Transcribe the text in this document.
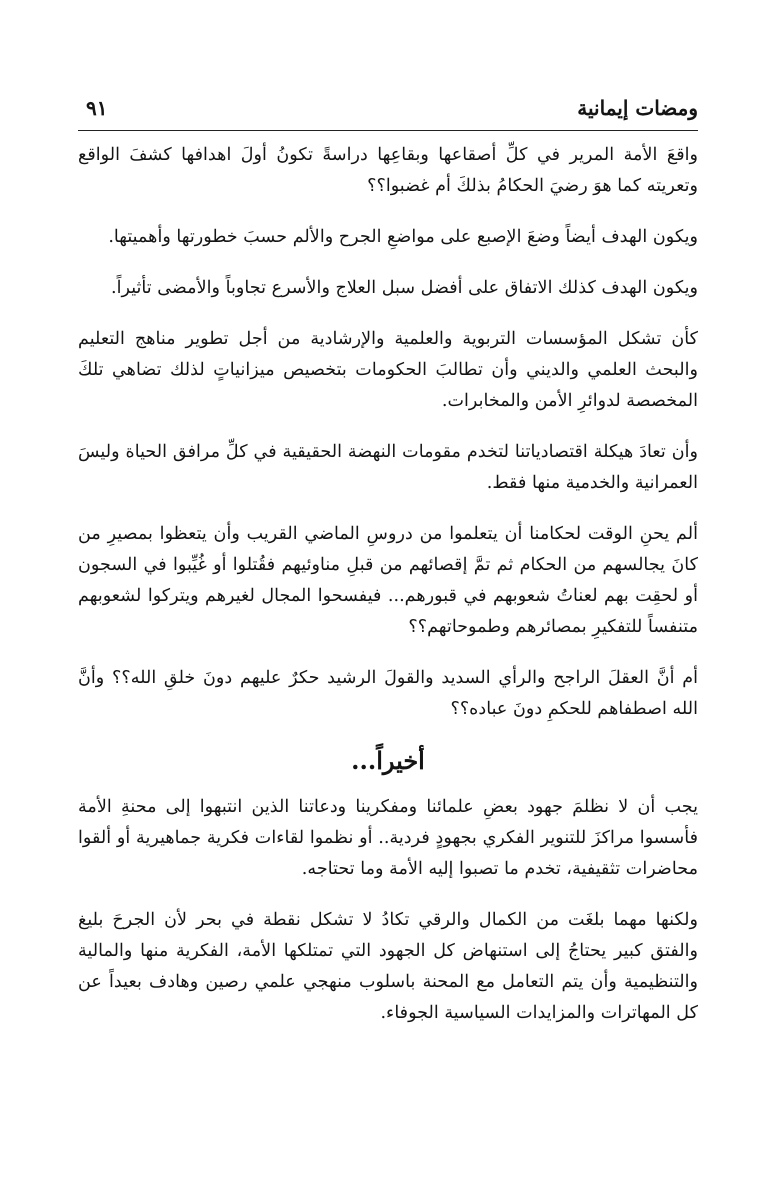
ومضات إيمانية
٩١

واقعَ الأمة المرير في كلِّ أصقاعها وبقاعِها دراسةً تكونُ أولَ اهدافها كشفَ الواقع وتعريته كما هوَ رضيَ الحكامُ بذلكَ أم غضبوا؟؟

ويكون الهدف أيضاً وضعَ الإصبع على مواضعِ الجرح والألم حسبَ خطورتها وأهميتها.

ويكون الهدف كذلك الاتفاق على أفضل سبل العلاج والأسرع تجاوباً والأمضى تأثيراً.

كأن تشكل المؤسسات التربوية والعلمية والإرشادية من أجل تطوير مناهج التعليم والبحث العلمي والديني وأن تطالبَ الحكومات بتخصيص ميزانياتٍ لذلك تضاهي تلكَ المخصصة لدوائرِ الأمن والمخابرات.

وأن تعادَ هيكلة اقتصادياتنا لتخدم مقومات النهضة الحقيقية في كلِّ مرافق الحياة وليسَ العمرانية والخدمية منها فقط.

ألم يحنِ الوقت لحكامنا أن يتعلموا من دروسِ الماضي القريب وأن يتعظوا بمصيرِ من كانَ يجالسهم من الحكام ثم تمَّ إقصائهم من قبلِ مناوئيهم فقُتلوا أو غُيِّبوا في السجون أو لحقِت بهم لعناتُ شعوبهم في قبورهم... فيفسحوا المجال لغيرهم ويتركوا لشعوبهم متنفساً للتفكيرِ بمصائرهم وطموحاتهم؟؟

أم أنَّ العقلَ الراجح والرأي السديد والقولَ الرشيد حكرٌ عليهم دونَ خلقِ الله؟؟ وأنَّ الله اصطفاهم للحكمِ دونَ عباده؟؟

أخيراً...

يجب أن لا نظلمَ جهود بعضِ علمائنا ومفكرينا ودعاتنا الذين انتبهوا إلى محنةِ الأمة فأسسوا مراكزَ للتنوير الفكري بجهودٍ فردية.. أو نظموا لقاءات فكرية جماهيرية أو ألقوا محاضرات تثقيفية، تخدم ما تصبوا إليه الأمة وما تحتاجه.

ولكنها مهما بلغَت من الكمال والرقي تكادُ لا تشكل نقطة في بحر لأن الجرحَ بليغ والفتق كبير يحتاجُ إلى استنهاض كل الجهود التي تمتلكها الأمة، الفكرية منها والمالية والتنظيمية وأن يتم التعامل مع المحنة باسلوب منهجي علمي رصين وهادف بعيداً عن كل المهاترات والمزايدات السياسية الجوفاء.
